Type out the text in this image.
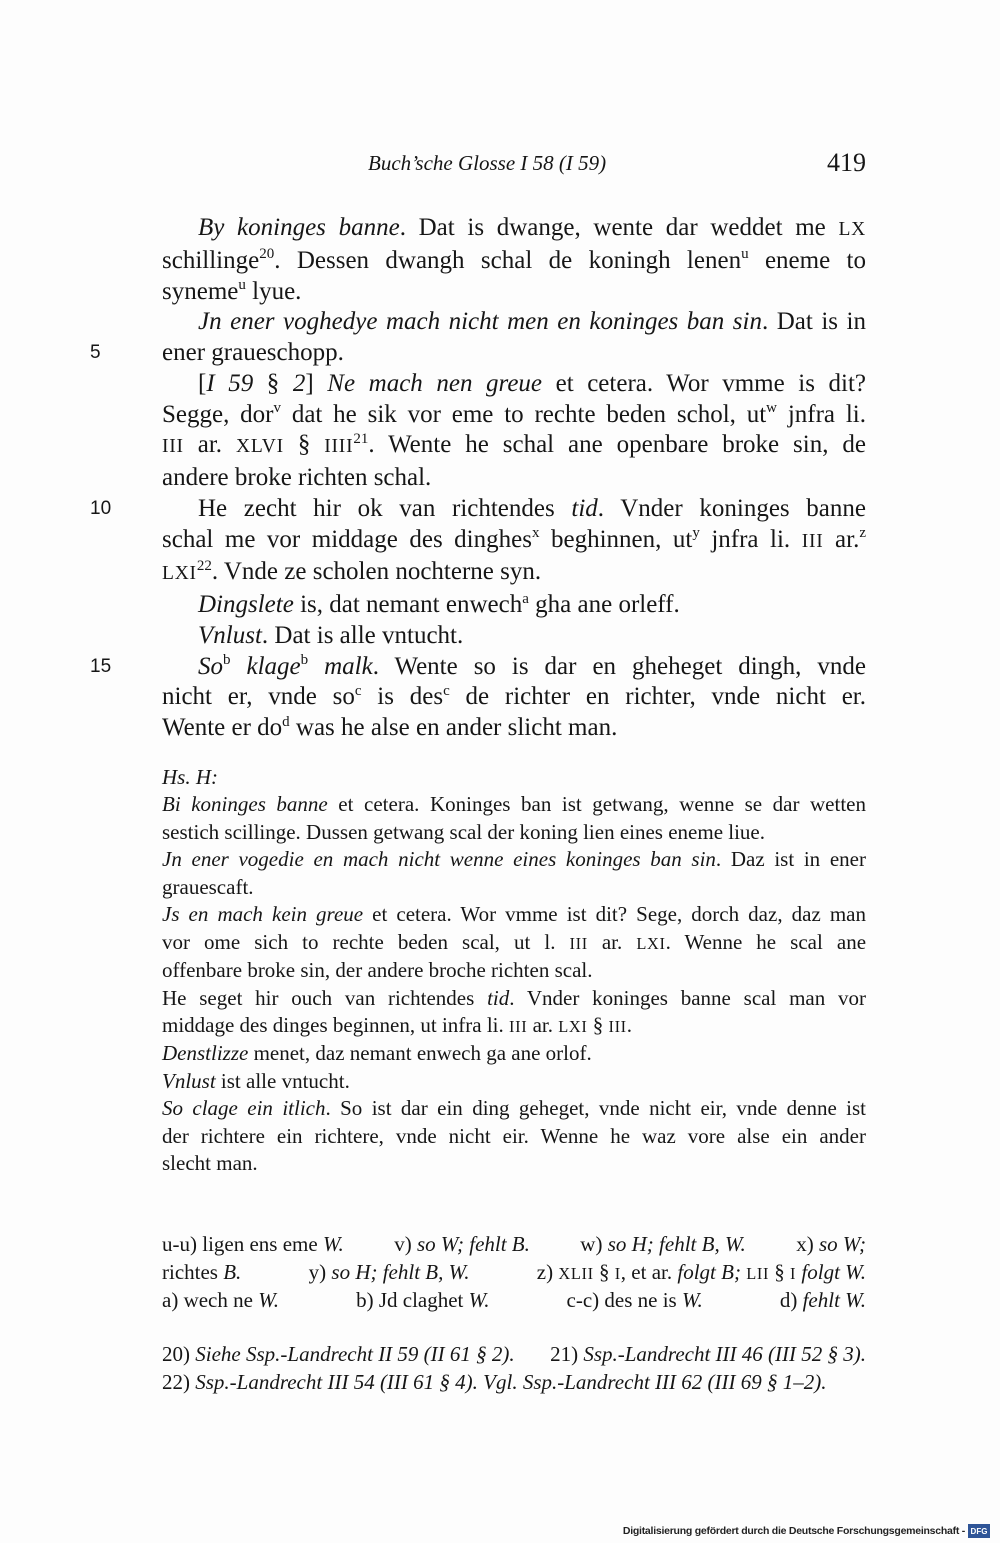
Buch’sche Glosse I 58 (I 59)	419
By koninges banne. Dat is dwange, wente dar weddet me LX
schillinge$^{20}$. Dessen dwangh schal de koningh lenen$^u$ eneme to
syneme$^u$ lyue.
Jn ener voghedye mach nicht men en koninges ban sin. Dat is in
5	ener graueschopp.
[I 59 § 2] Ne mach nen greue et cetera. Wor vmme is dit?
Segge, dor$^v$ dat he sik vor eme to rechte beden schol, $ut^w$ jnfra li.
III ar. XLVI § IIII$^{21}$. Wente he schal ane openbare broke sin, de
andere broke richten schal.
10	He zecht hir ok van richtendes tid. Vnder koninges banne
schal me vor middage des dinghes$^x$ beghinnen, $ut^y$ jnfra li. III ar.$^z$
LXI$^{22}$. Vnde ze scholen nochterne syn.
Dingslete is, dat nemant enwech$^a$ gha ane orleff.
Vnlust. Dat is alle vntucht.
15	So$^b$ klage$^b$ malk. Wente so is dar en gheheget dingh, vnde
nicht er, vnde $so^c$ is des$^c$ de richter en richter, vnde nicht er.
Wente er $do^d$ was he alse en ander slicht man.
Hs. H:
Bi koninges banne et cetera. Koninges ban ist getwang, wenne se dar wetten
sestich scillinge. Dussen getwang scal der koning lien eines eneme liue.
Jn ener vogedie en mach nicht wenne eines koninges ban sin. Daz ist in ener
grauescaft.
Js en mach kein greue et cetera. Wor vmme ist dit? Sege, dorch daz, daz man
vor ome sich to rechte beden scal, ut l. III ar. LXI. Wenne he scal ane
offenbare broke sin, der andere broche richten scal.
He seget hir ouch van richtendes tid. Vnder koninges banne scal man vor
middage des dinges beginnen, ut infra li. III ar. LXI § III.
Denstlizze menet, daz nemant enwech ga ane orlof.
Vnlust ist alle vntucht.
So clage ein itlich. So ist dar ein ding geheget, vnde nicht eir, vnde denne ist
der richtere ein richtere, vnde nicht eir. Wenne he waz vore alse ein ander
slecht man.
u-u) ligen ens eme W. v) so W; fehlt B. w) so H; fehlt B, W. x) so W;
richtes B.	y) so H; fehlt B, W.	z) XLII § I, et ar. folgt B; LII § I folgt W.
a) wech ne W.	b) Jd claghet W.	c-c) des ne is W.	d) fehlt W.
20) Siehe Ssp.-Landrecht II 59 (II 61 § 2). 21) Ssp.-Landrecht III 46 (III 52 § 3).
22) Ssp.-Landrecht III 54 (III 61 § 4). Vgl. Ssp.-Landrecht III 62 (III 69 § 1–2).
Digitalisierung gefördert durch die Deutsche Forschungsgemeinschaft - DFG
